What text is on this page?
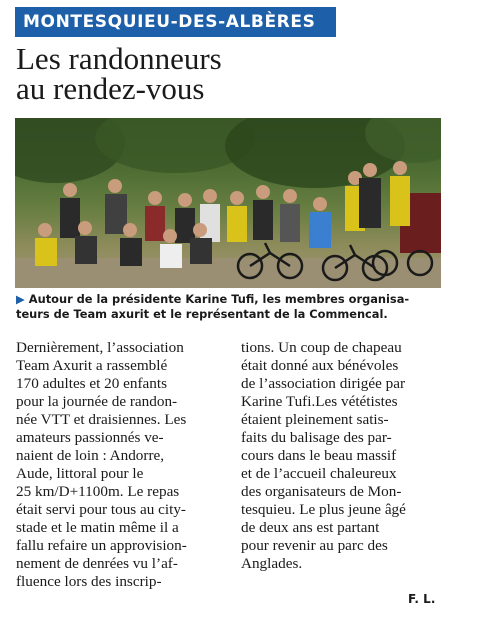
MONTESQUIEU-DES-ALBÈRES
Les randonneurs
au rendez-vous
▶ Autour de la présidente Karine Tufi, les membres organisa-
teurs de Team axurit et le représentant de la Commencal.
Dernièrement, l’association
Team Axurit a rassemblé
170 adultes et 20 enfants
pour la journée de randon-
née VTT et draisiennes. Les
amateurs passionnés ve-
naient de loin : Andorre,
Aude, littoral pour le
25 km/D+1100m. Le repas
était servi pour tous au city-
stade et le matin même il a
fallu refaire un approvision-
nement de denrées vu l’af-
fluence lors des inscrip-
tions. Un coup de chapeau
était donné aux bénévoles
de l’association dirigée par
Karine Tufi.Les vététistes
étaient pleinement satis-
faits du balisage des par-
cours dans le beau massif
et de l’accueil chaleureux
des organisateurs de Mon-
tesquieu. Le plus jeune âgé
de deux ans est partant
pour revenir au parc des
Anglades.
F. L.
